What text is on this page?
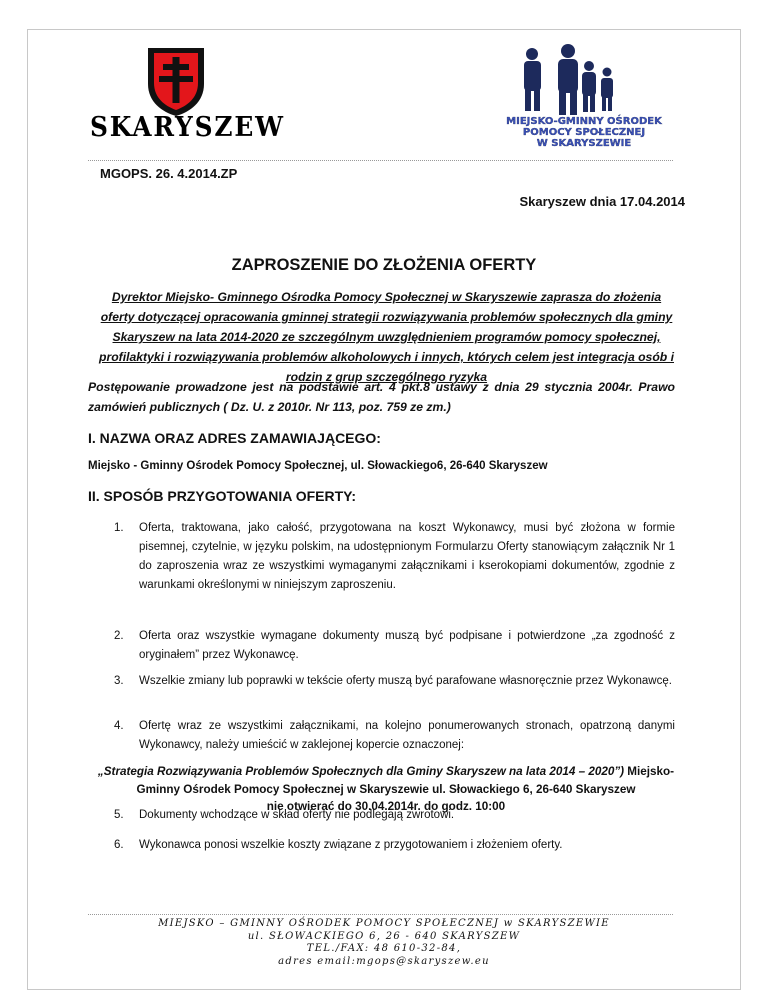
SKARYSZEW	MIEJSKO-GMINNY OŚRODEK
POMOCY SPOŁECZNEJ
W SKARYSZEWIE
MGOPS. 26. 4.2014.ZP
Skaryszew dnia 17.04.2014
ZAPROSZENIE DO ZŁOŻENIA OFERTY
Dyrektor Miejsko- Gminnego Ośrodka Pomocy Społecznej w Skaryszewie zaprasza do złożenia oferty dotyczącej opracowania gminnej strategii rozwiązywania problemów społecznych dla gminy Skaryszew na lata 2014-2020 ze szczególnym uwzględnieniem programów pomocy społecznej, profilaktyki i rozwiązywania problemów alkoholowych i innych, których celem jest integracja osób i rodzin z grup szczególnego ryzyka
Postępowanie prowadzone jest na podstawie art. 4 pkt.8 ustawy z dnia 29 stycznia 2004r. Prawo zamówień publicznych ( Dz. U. z 2010r. Nr 113, poz. 759 ze zm.)
I. NAZWA ORAZ ADRES ZAMAWIAJĄCEGO:
Miejsko - Gminny Ośrodek Pomocy Społecznej, ul. Słowackiego6, 26-640 Skaryszew
II. SPOSÓB PRZYGOTOWANIA OFERTY:
1. Oferta, traktowana, jako całość, przygotowana na koszt Wykonawcy, musi być złożona w formie pisemnej, czytelnie, w języku polskim, na udostępnionym Formularzu Oferty stanowiącym załącznik Nr 1 do zaproszenia wraz ze wszystkimi wymaganymi załącznikami i kserokopiami dokumentów, zgodnie z warunkami określonymi w niniejszym zaproszeniu.
2. Oferta oraz wszystkie wymagane dokumenty muszą być podpisane i potwierdzone „za zgodność z oryginałem” przez Wykonawcę.
3. Wszelkie zmiany lub poprawki w tekście oferty muszą być parafowane własnoręcznie przez Wykonawcę.
4. Ofertę wraz ze wszystkimi załącznikami, na kolejno ponumerowanych stronach, opatrzoną danymi Wykonawcy, należy umieścić w zaklejonej kopercie oznaczonej:
„Strategia Rozwiązywania Problemów Społecznych dla Gminy Skaryszew na lata 2014 – 2020”) Miejsko-Gminny Ośrodek Pomocy Społecznej w Skaryszewie ul. Słowackiego 6, 26-640 Skaryszew
nie otwierać do 30.04.2014r. do godz. 10:00
5. Dokumenty wchodzące w skład oferty nie podlegają zwrotowi.
6. Wykonawca ponosi wszelkie koszty związane z przygotowaniem i złożeniem oferty.
MIEJSKO – GMINNY OŚRODEK POMOCY SPOŁECZNEJ w SKARYSZEWIE
ul. SŁOWACKIEGO 6, 26 - 640 SKARYSZEW
TEL./FAX: 48 610-32-84,
adres email:mgops@skaryszew.eu
